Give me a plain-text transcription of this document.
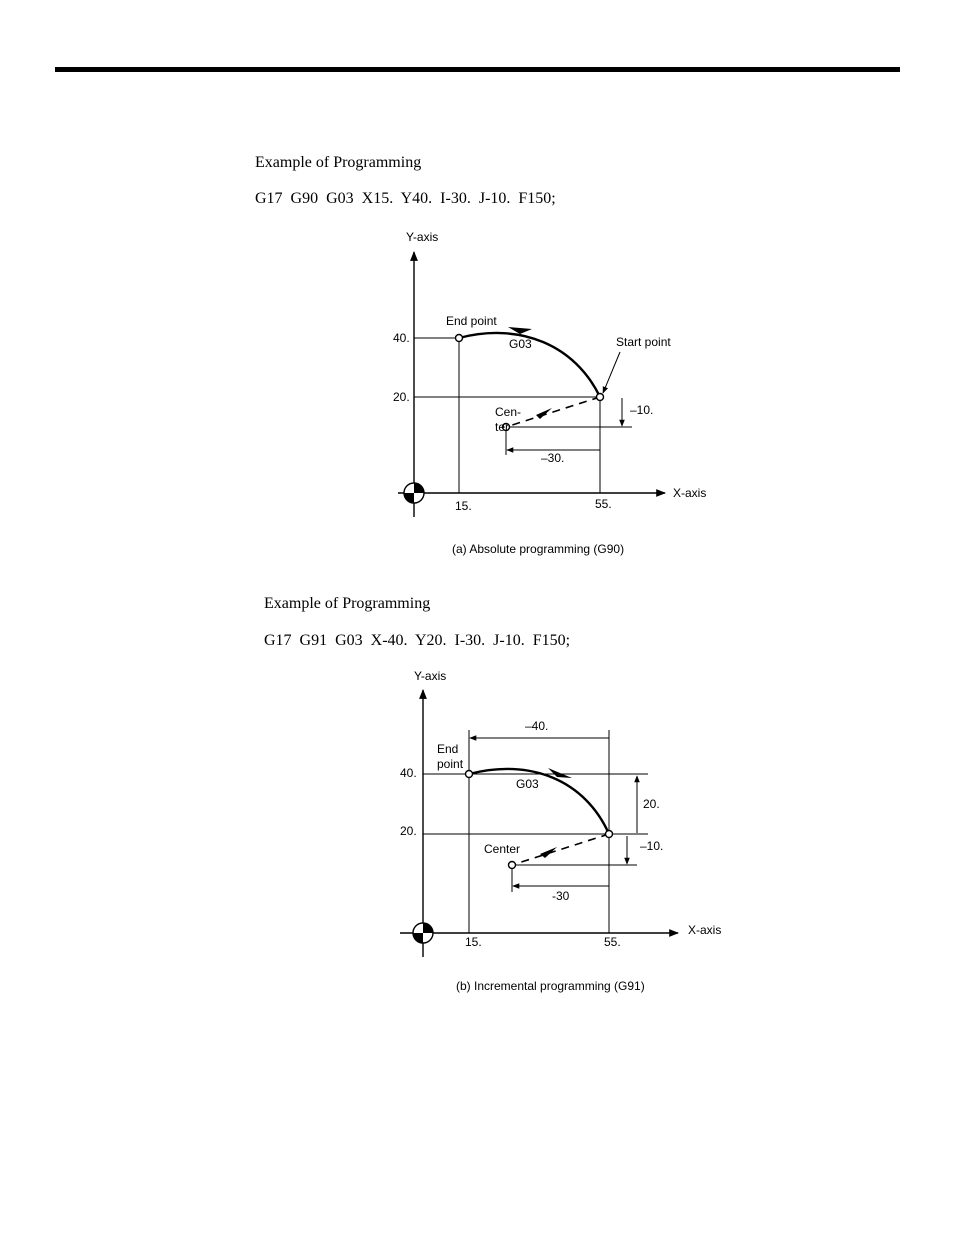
Example of Programming

G17 G90 G03 X15. Y40. I-30. J-10. F150;

Y-axis
X-axis
40.
20.
15.	55.
End point
Start point
G03
Cen-
ter
–10.
–30.
(a) Absolute programming (G90)

Example of Programming

G17 G91 G03 X-40. Y20. I-30. J-10. F150;

Y-axis
X-axis
40.
20.
15.	55.
End
point
G03
–40.
20.
Center	–10.
-30
(b) Incremental programming (G91)
